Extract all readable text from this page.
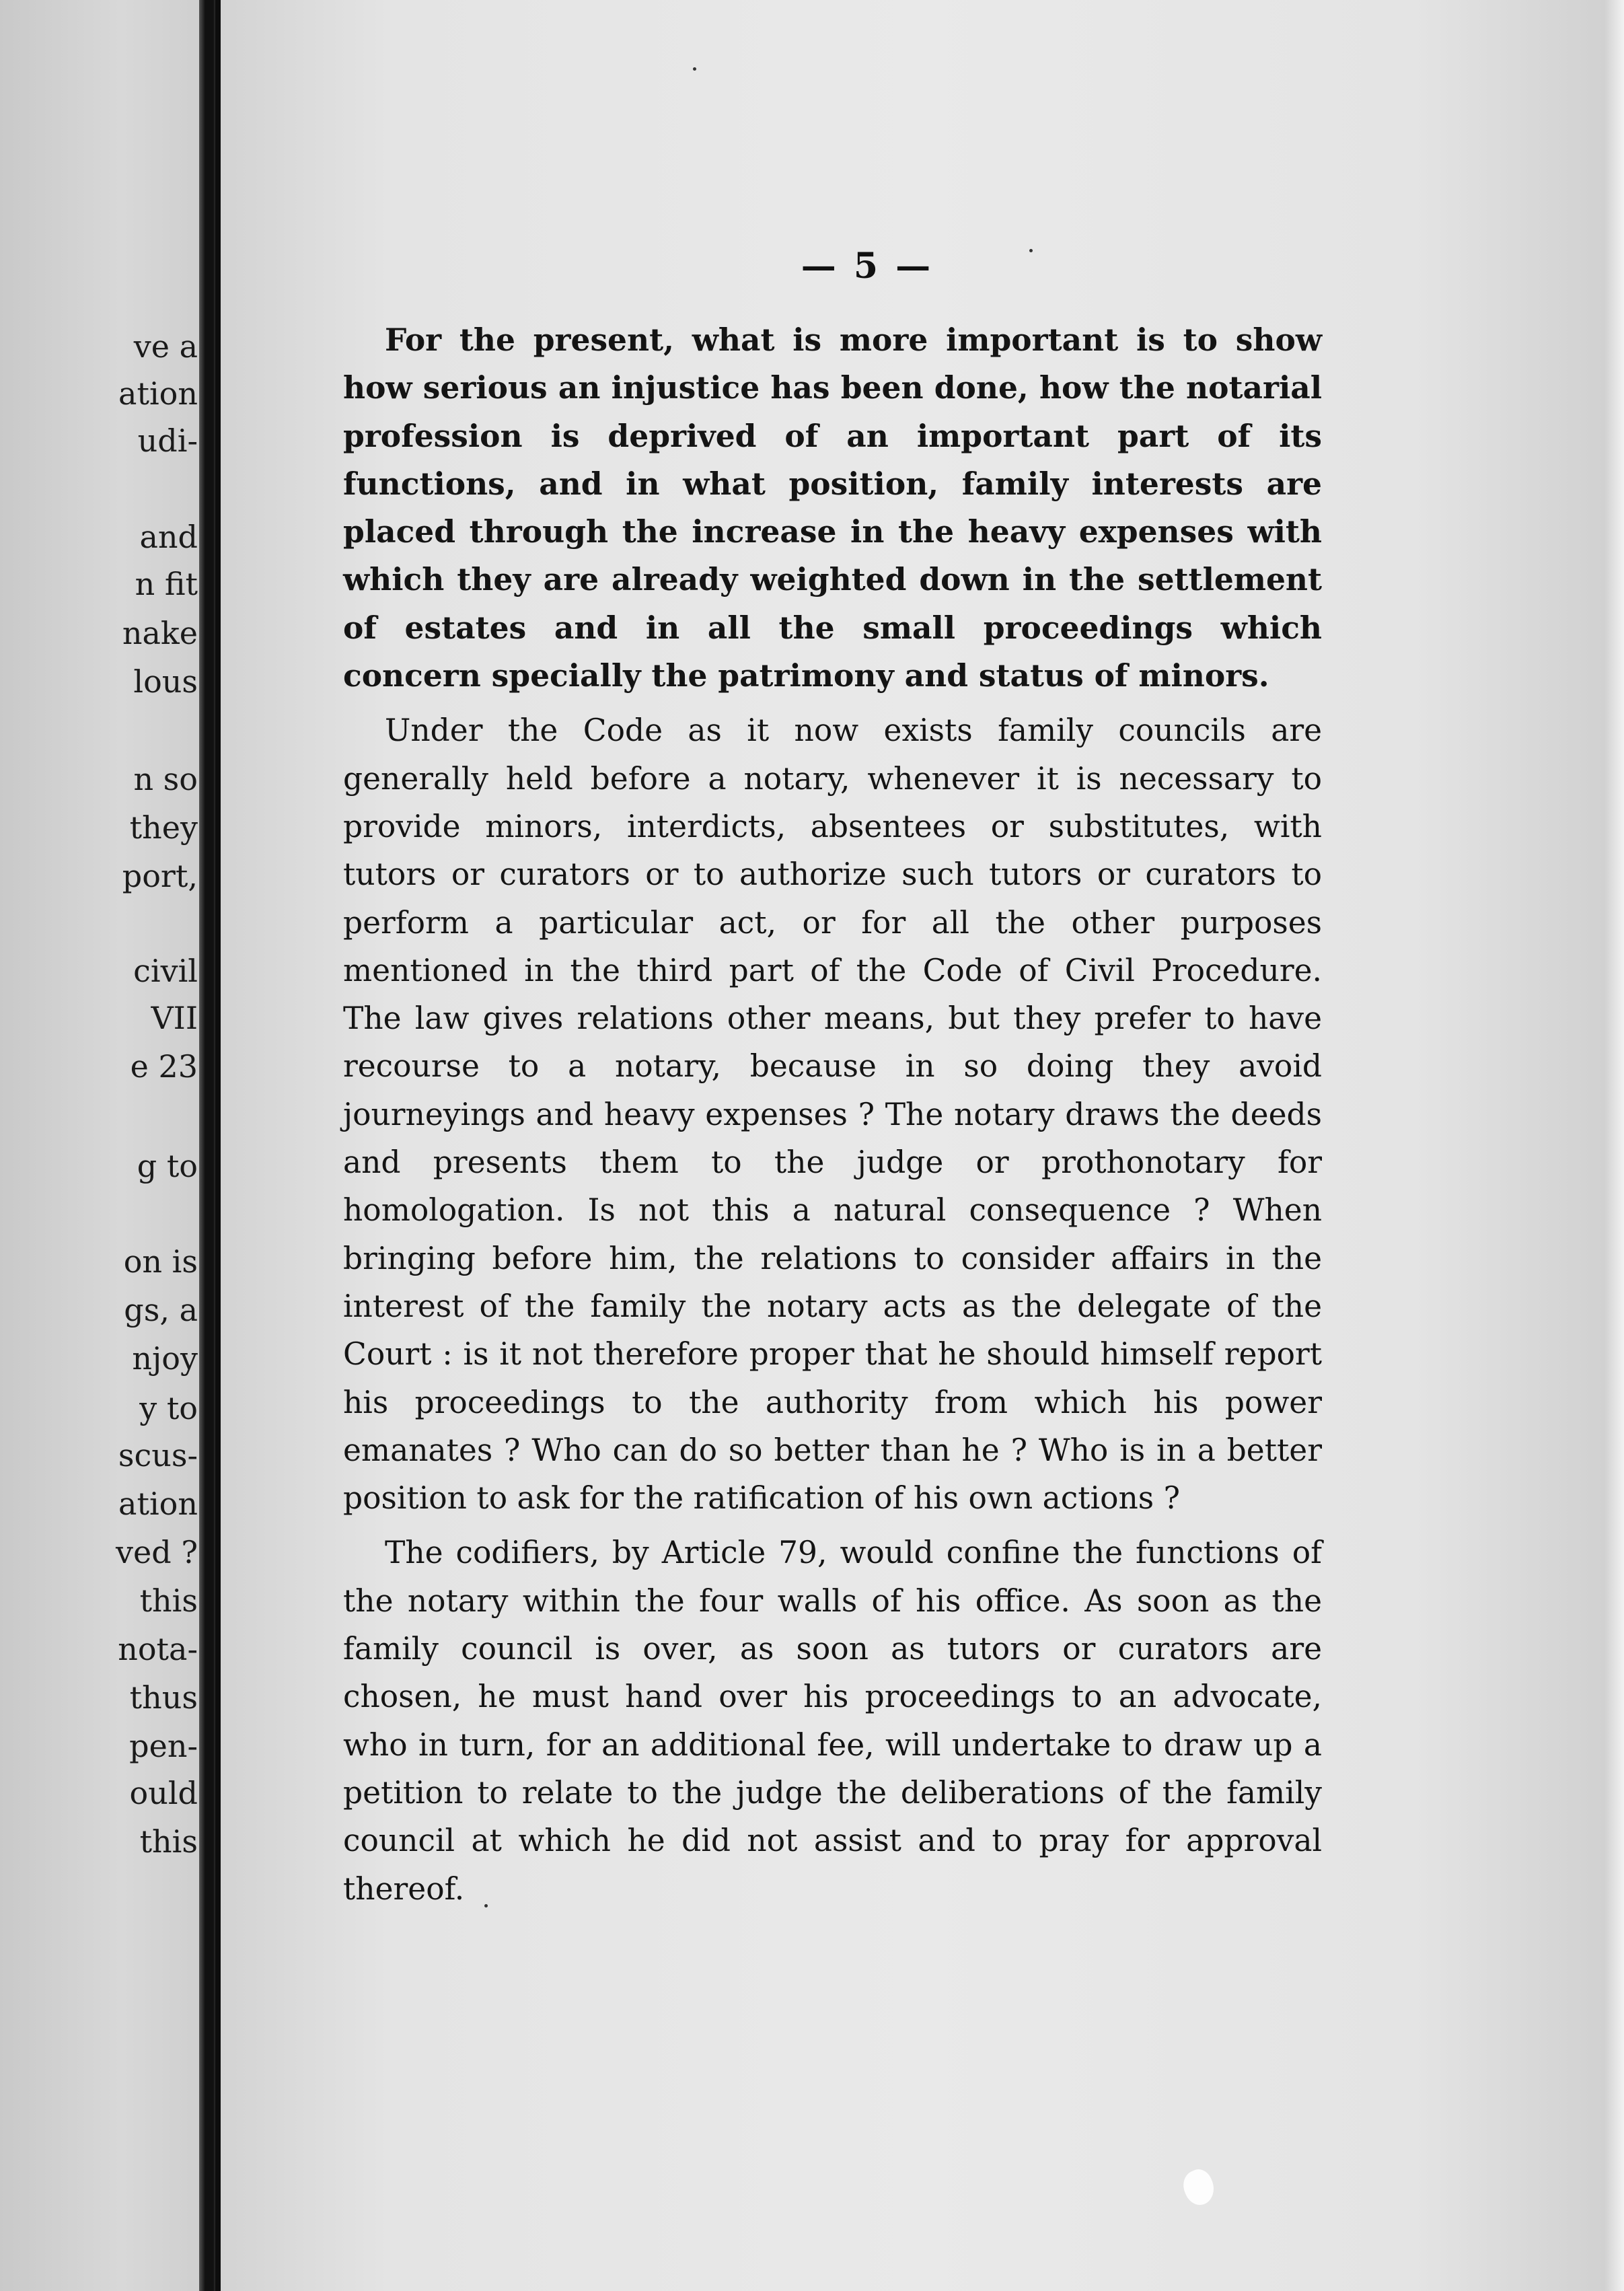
ve a
ation
udi-
and
n fit
nake
lous
n so
they
port,
civil
VII
e 23
g to
on is
gs, a
njoy
y to
scus-
ation
ved ?
this
nota-
thus
pen-
ould
this
— 5 —

For the present, what is more important is to show how serious an injustice has been done, how the notarial profession is deprived of an important part of its functions, and in what position, family interests are placed through the increase in the heavy expenses with which they are already weighted down in the settlement of estates and in all the small proceedings which concern specially the patrimony and status of minors.

Under the Code as it now exists family councils are generally held before a notary, whenever it is necessary to provide minors, interdicts, absentees or substitutes, with tutors or curators or to authorize such tutors or curators to perform a particular act, or for all the other purposes mentioned in the third part of the Code of Civil Procedure. The law gives relations other means, but they prefer to have recourse to a notary, because in so doing they avoid journeyings and heavy expenses ? The notary draws the deeds and presents them to the judge or prothonotary for homologation. Is not this a natural consequence ? When bringing before him, the relations to consider affairs in the interest of the family the notary acts as the delegate of the Court : is it not therefore proper that he should himself report his proceedings to the authority from which his power emanates ? Who can do so better than he ? Who is in a better position to ask for the ratification of his own actions ?

The codifiers, by Article 79, would confine the functions of the notary within the four walls of his office. As soon as the family council is over, as soon as tutors or curators are chosen, he must hand over his proceedings to an advocate, who in turn, for an additional fee, will undertake to draw up a petition to relate to the judge the deliberations of the family council at which he did not assist and to pray for approval thereof.
